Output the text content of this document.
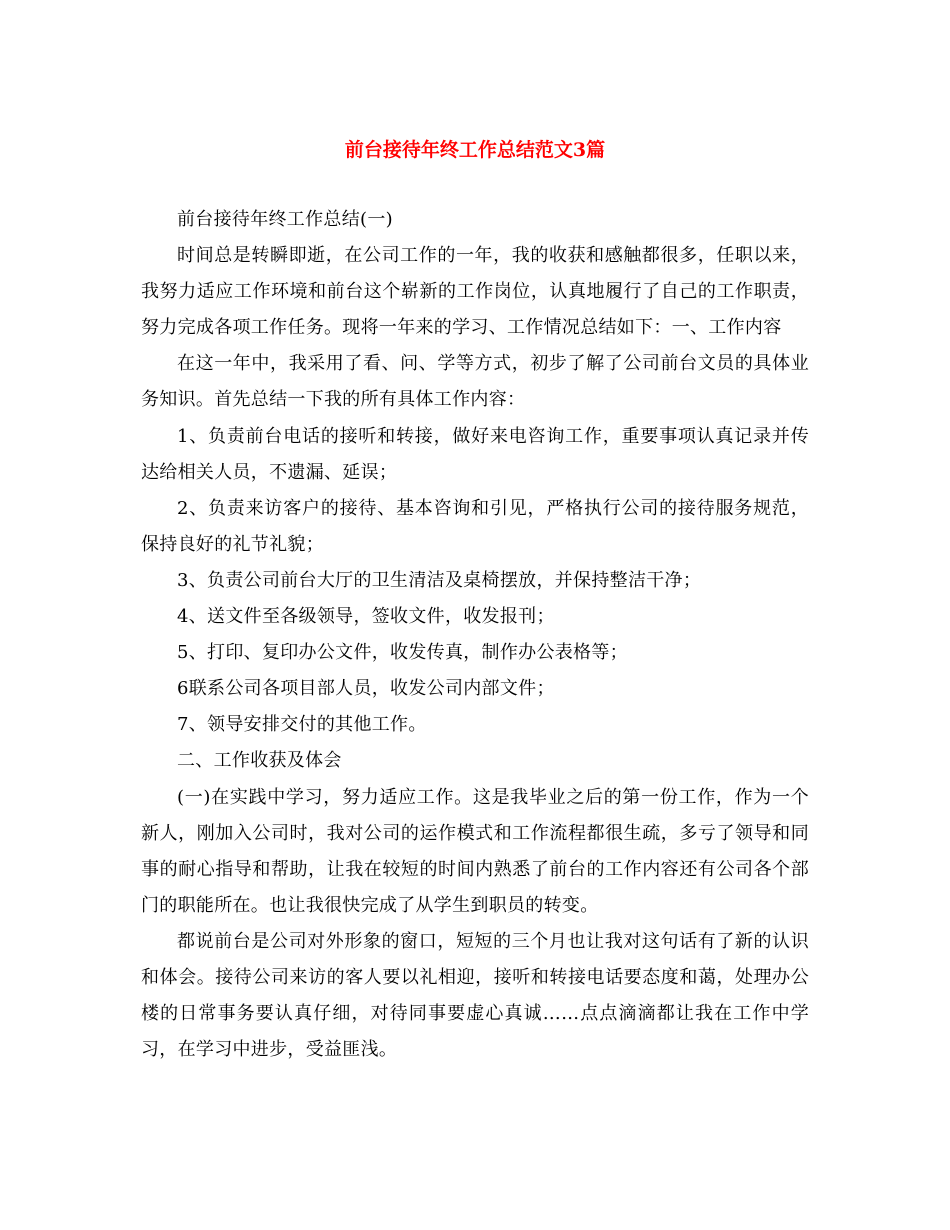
前台接待年终工作总结范文3篇

前台接待年终工作总结(一)

时间总是转瞬即逝，在公司工作的一年，我的收获和感触都很多，任职以来，我努力适应工作环境和前台这个崭新的工作岗位，认真地履行了自己的工作职责，努力完成各项工作任务。现将一年来的学习、工作情况总结如下：一、工作内容

在这一年中，我采用了看、问、学等方式，初步了解了公司前台文员的具体业务知识。首先总结一下我的所有具体工作内容：

1、负责前台电话的接听和转接，做好来电咨询工作，重要事项认真记录并传达给相关人员，不遗漏、延误；

2、负责来访客户的接待、基本咨询和引见，严格执行公司的接待服务规范，保持良好的礼节礼貌；

3、负责公司前台大厅的卫生清洁及桌椅摆放，并保持整洁干净；

4、送文件至各级领导，签收文件，收发报刊；

5、打印、复印办公文件，收发传真，制作办公表格等；

6联系公司各项目部人员，收发公司内部文件；

7、领导安排交付的其他工作。

二、工作收获及体会

(一)在实践中学习，努力适应工作。这是我毕业之后的第一份工作，作为一个新人，刚加入公司时，我对公司的运作模式和工作流程都很生疏，多亏了领导和同事的耐心指导和帮助，让我在较短的时间内熟悉了前台的工作内容还有公司各个部门的职能所在。也让我很快完成了从学生到职员的转变。

都说前台是公司对外形象的窗口，短短的三个月也让我对这句话有了新的认识和体会。接待公司来访的客人要以礼相迎，接听和转接电话要态度和蔼，处理办公楼的日常事务要认真仔细，对待同事要虚心真诚……点点滴滴都让我在工作中学习，在学习中进步，受益匪浅。
